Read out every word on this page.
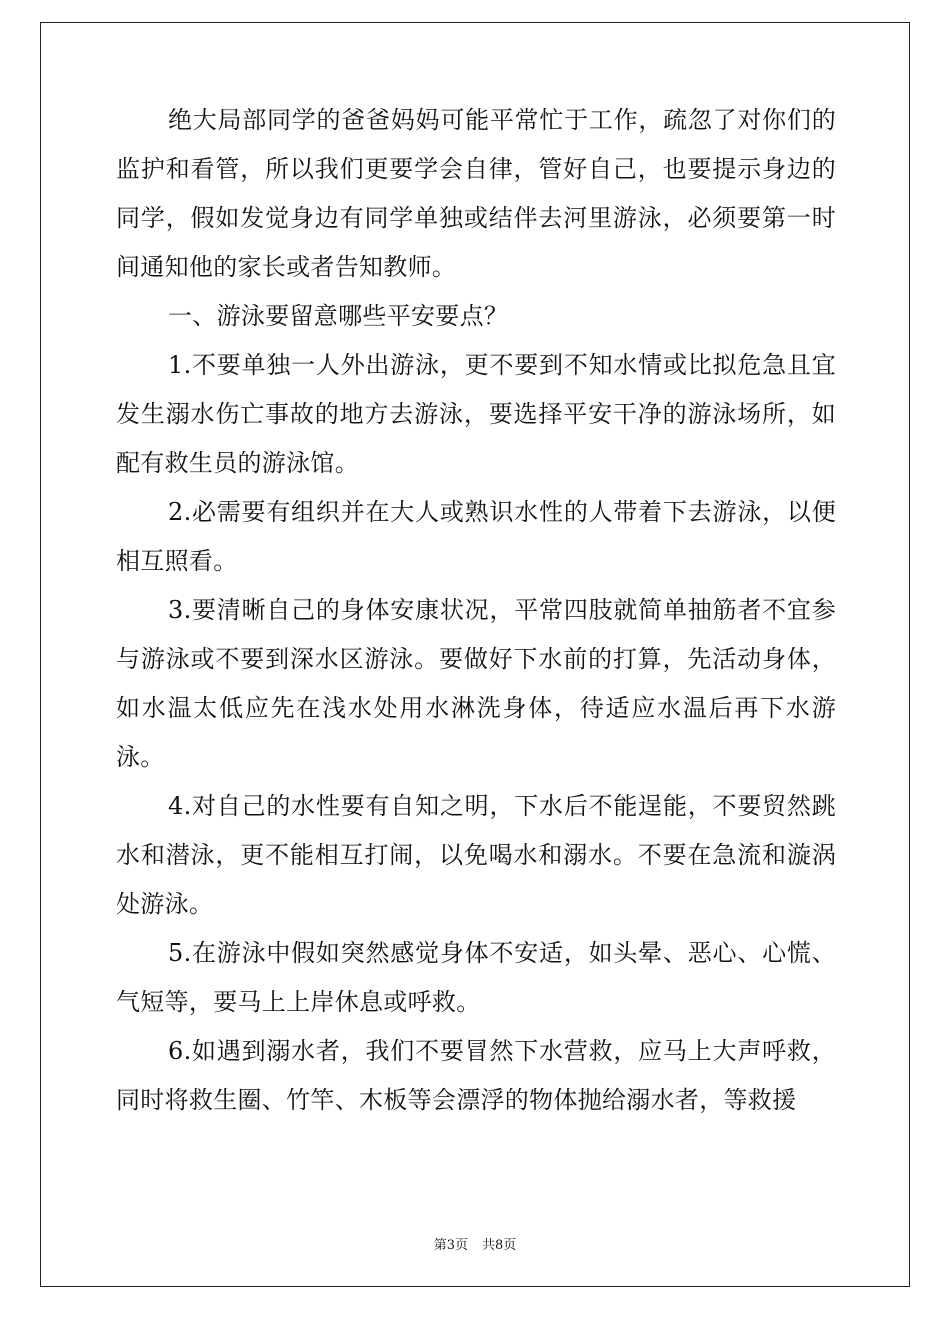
绝大局部同学的爸爸妈妈可能平常忙于工作，疏忽了对你们的监护和看管，所以我们更要学会自律，管好自己，也要提示身边的同学，假如发觉身边有同学单独或结伴去河里游泳，必须要第一时间通知他的家长或者告知教师。

一、游泳要留意哪些平安要点？

1.不要单独一人外出游泳，更不要到不知水情或比拟危急且宜发生溺水伤亡事故的地方去游泳，要选择平安干净的游泳场所，如配有救生员的游泳馆。

2.必需要有组织并在大人或熟识水性的人带着下去游泳，以便相互照看。

3.要清晰自己的身体安康状况，平常四肢就简单抽筋者不宜参与游泳或不要到深水区游泳。要做好下水前的打算，先活动身体，如水温太低应先在浅水处用水淋洗身体，待适应水温后再下水游泳。

4.对自己的水性要有自知之明，下水后不能逞能，不要贸然跳水和潜泳，更不能相互打闹，以免喝水和溺水。不要在急流和漩涡处游泳。

5.在游泳中假如突然感觉身体不安适，如头晕、恶心、心慌、气短等，要马上上岸休息或呼救。

6.如遇到溺水者，我们不要冒然下水营救，应马上大声呼救，同时将救生圈、竹竿、木板等会漂浮的物体抛给溺水者，等救援

第3页 共8页
